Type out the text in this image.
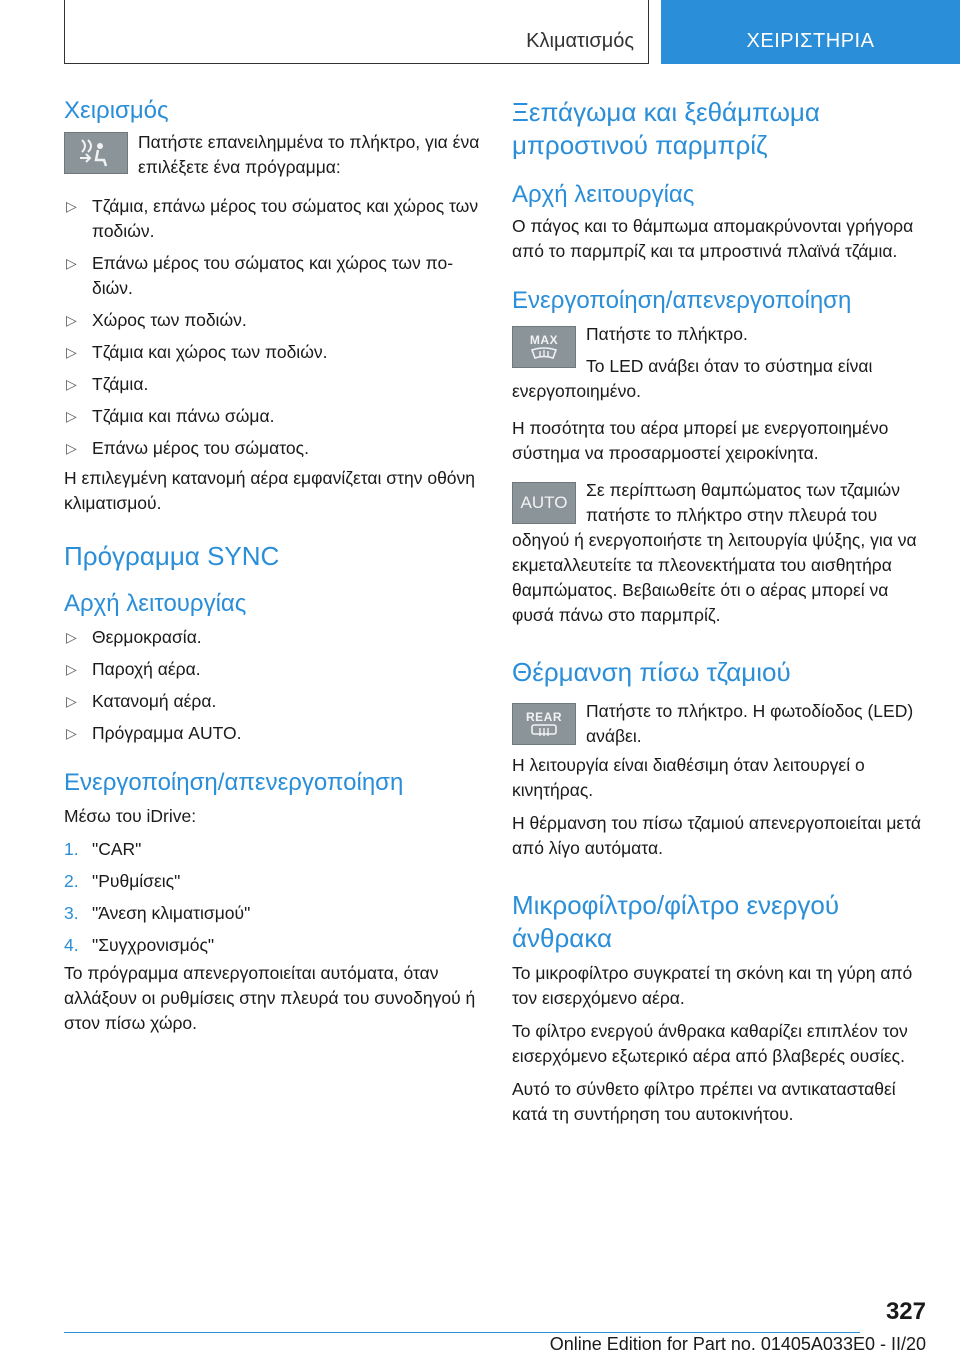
Κλιματισμός	ΧΕΙΡΙΣΤΗΡΙΑ
Χειρισμός

Πατήστε επανειλημμένα το πλήκτρο, για ένα επιλέξετε ένα πρόγραμμα:

▷ Τζάμια, επάνω μέρος του σώματος και χώρος των ποδιών.
▷ Επάνω μέρος του σώματος και χώρος των ποδιών.
▷ Χώρος των ποδιών.
▷ Τζάμια και χώρος των ποδιών.
▷ Τζάμια.
▷ Τζάμια και πάνω σώμα.
▷ Επάνω μέρος του σώματος.

Η επιλεγμένη κατανομή αέρα εμφανίζεται στην οθόνη κλιματισμού.

Πρόγραμμα SYNC
Αρχή λειτουργίας
▷ Θερμοκρασία.
▷ Παροχή αέρα.
▷ Κατανομή αέρα.
▷ Πρόγραμμα AUTO.
Ενεργοποίηση/απενεργοποίηση

Μέσω του iDrive:

1. "CAR"
2. "Ρυθμίσεις"
3. "Άνεση κλιματισμού"
4. "Συγχρονισμός"

Το πρόγραμμα απενεργοποιείται αυτόματα, όταν αλλάξουν οι ρυθμίσεις στην πλευρά του συνοδηγού ή στον πίσω χώρο.

Ξεπάγωμα και ξεθάμπωμα μπροστινού παρμπρίζ
Αρχή λειτουργίας

Ο πάγος και το θάμπωμα απομακρύνονται γρήγορα από το παρμπρίζ και τα μπροστινά πλαϊνά τζάμια.

Ενεργοποίηση/απενεργοποίηση
MAX	Πατήστε το πλήκτρο.

Το LED ανάβει όταν το σύστημα είναι ενεργοποιημένο.

Η ποσότητα του αέρα μπορεί με ενεργοποιημένο σύστημα να προσαρμοστεί χειροκίνητα.

AUTO

Σε περίπτωση θαμπώματος των τζαμιών πατήστε το πλήκτρο στην πλευρά του οδηγού ή ενεργοποιήστε τη λειτουργία ψύξης, για να εκμεταλλευτείτε τα πλεονεκτήματα του αισθητήρα θαμπώματος. Βεβαιωθείτε ότι ο αέρας μπορεί να φυσά πάνω στο παρμπρίζ.

Θέρμανση πίσω τζαμιού
REAR	Πατήστε το πλήκτρο. Η φωτοδίοδος (LED) ανάβει.

Η λειτουργία είναι διαθέσιμη όταν λειτουργεί ο κινητήρας.

Η θέρμανση του πίσω τζαμιού απενεργοποιείται μετά από λίγο αυτόματα.

Μικροφίλτρο/φίλτρο ενεργού άνθρακα

Το μικροφίλτρο συγκρατεί τη σκόνη και τη γύρη από τον εισερχόμενο αέρα.

Το φίλτρο ενεργού άνθρακα καθαρίζει επιπλέον τον εισερχόμενο εξωτερικό αέρα από βλαβερές ουσίες.

Αυτό το σύνθετο φίλτρο πρέπει να αντικατασταθεί κατά τη συντήρηση του αυτοκινήτου.

327
Online Edition for Part no. 01405A033E0 - II/20
